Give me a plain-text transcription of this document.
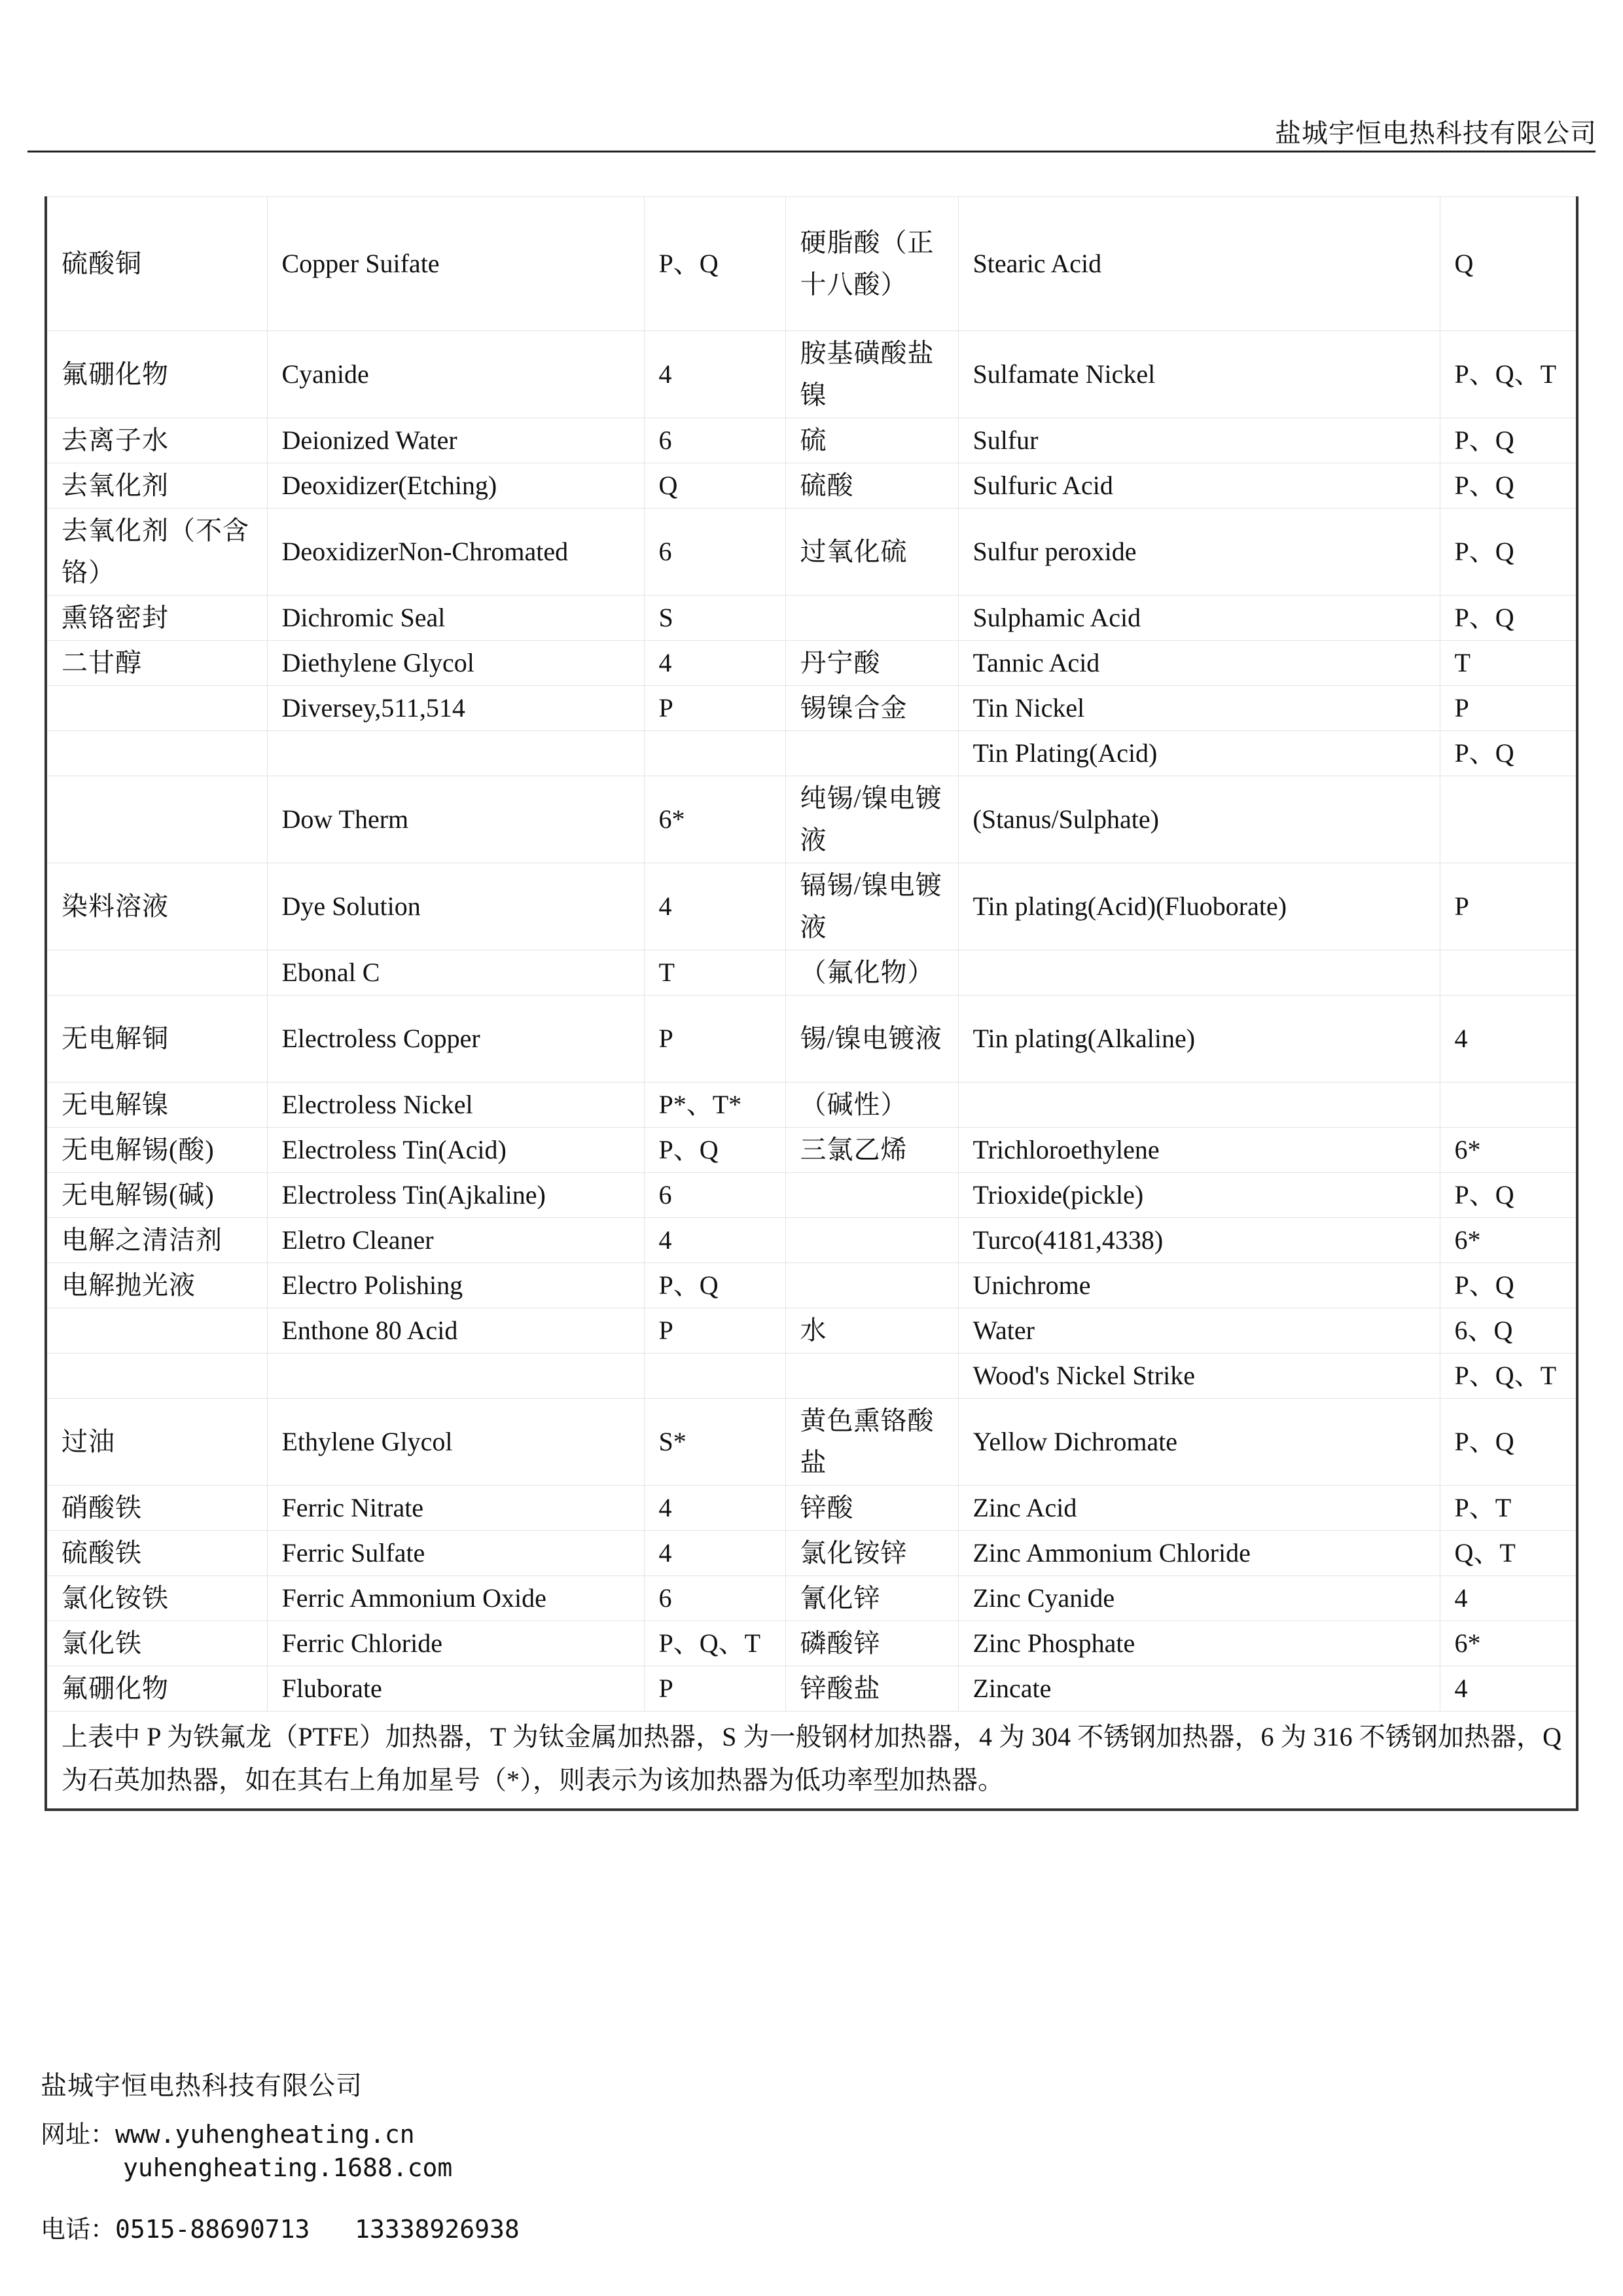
盐城宇恒电热科技有限公司
硫酸铜	Copper Suifate	P、Q	硬脂酸（正十八酸）	Stearic Acid	Q
氟硼化物	Cyanide	4	胺基磺酸盐镍	Sulfamate Nickel	P、Q、T
去离子水	Deionized Water	6	硫	Sulfur	P、Q
去氧化剂	Deoxidizer(Etching)	Q	硫酸	Sulfuric Acid	P、Q
去氧化剂（不含铬）	DeoxidizerNon-Chromated	6	过氧化硫	Sulfur peroxide	P、Q
熏铬密封	Dichromic Seal	S		Sulphamic Acid	P、Q
二甘醇	Diethylene Glycol	4	丹宁酸	Tannic Acid	T
	Diversey,511,514	P	锡镍合金	Tin Nickel	P
				Tin Plating(Acid)	P、Q
	Dow Therm	6*	纯锡/镍电镀液	(Stanus/Sulphate)	
染料溶液	Dye Solution	4	镉锡/镍电镀液	Tin plating(Acid)(Fluoborate)	P
	Ebonal C	T	（氟化物）		
无电解铜	Electroless Copper	P	锡/镍电镀液	Tin plating(Alkaline)	4
无电解镍	Electroless Nickel	P*、T*	（碱性）		
无电解锡(酸)	Electroless Tin(Acid)	P、Q	三氯乙烯	Trichloroethylene	6*
无电解锡(碱)	Electroless Tin(Ajkaline)	6		Trioxide(pickle)	P、Q
电解之清洁剂	Eletro Cleaner	4		Turco(4181,4338)	6*
电解抛光液	Electro Polishing	P、Q		Unichrome	P、Q
	Enthone 80 Acid	P	水	Water	6、Q
				Wood's Nickel Strike	P、Q、T
过油	Ethylene Glycol	S*	黄色熏铬酸盐	Yellow Dichromate	P、Q
硝酸铁	Ferric Nitrate	4	锌酸	Zinc Acid	P、T
硫酸铁	Ferric Sulfate	4	氯化铵锌	Zinc Ammonium Chloride	Q、T
氯化铵铁	Ferric Ammonium Oxide	6	氰化锌	Zinc Cyanide	4
氯化铁	Ferric Chloride	P、Q、T	磷酸锌	Zinc Phosphate	6*
氟硼化物	Fluborate	P	锌酸盐	Zincate	4
上表中 P 为铁氟龙（PTFE）加热器，T 为钛金属加热器，S 为一般钢材加热器，4 为 304 不锈钢加热器，6 为 316 不锈钢加热器，Q 为石英加热器，如在其右上角加星号（*），则表示为该加热器为低功率型加热器。					
盐城宇恒电热科技有限公司
网址：www.yuhengheating.cn
yuhengheating.1688.com
电话：0515-88690713   13338926938
